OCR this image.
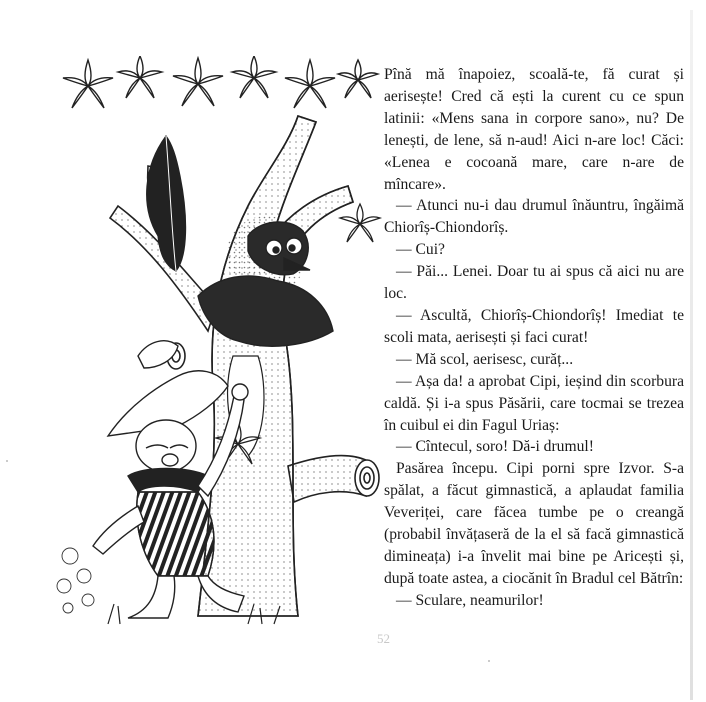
Pînă mă înapoiez, scoală-te, fă curat și aerisește! Cred că ești la curent cu ce spun latinii: «Mens sana in corpore sano», nu? De lenești, de lene, să n-aud! Aici n-are loc! Căci: «Lenea e cocoană mare, care n-are de mîncare».

— Atunci nu-i dau drumul înăuntru, îngăimă Chiorîș-Chiondorîș.

— Cui?

— Păi... Lenei. Doar tu ai spus că aici nu are loc.

— Ascultă, Chiorîș-Chiondorîș! Imediat te scoli mata, aerisești și faci curat!

— Mă scol, aerisesc, curăț...

— Așa da! a aprobat Cipi, ieșind din scorbura caldă. Și i-a spus Păsării, care tocmai se trezea în cuibul ei din Fagul Uriaș:

— Cîntecul, soro! Dă-i drumul!

Pasărea începu. Cipi porni spre Izvor. S-a spălat, a făcut gimnastică, a aplaudat familia Veveriței, care făcea tumbe pe o creangă (probabil învățaseră de la el să facă gimnastică dimineața) i-a învelit mai bine pe Aricești și, după toate astea, a ciocănit în Bradul cel Bătrîn:

— Sculare, neamurilor!

52
